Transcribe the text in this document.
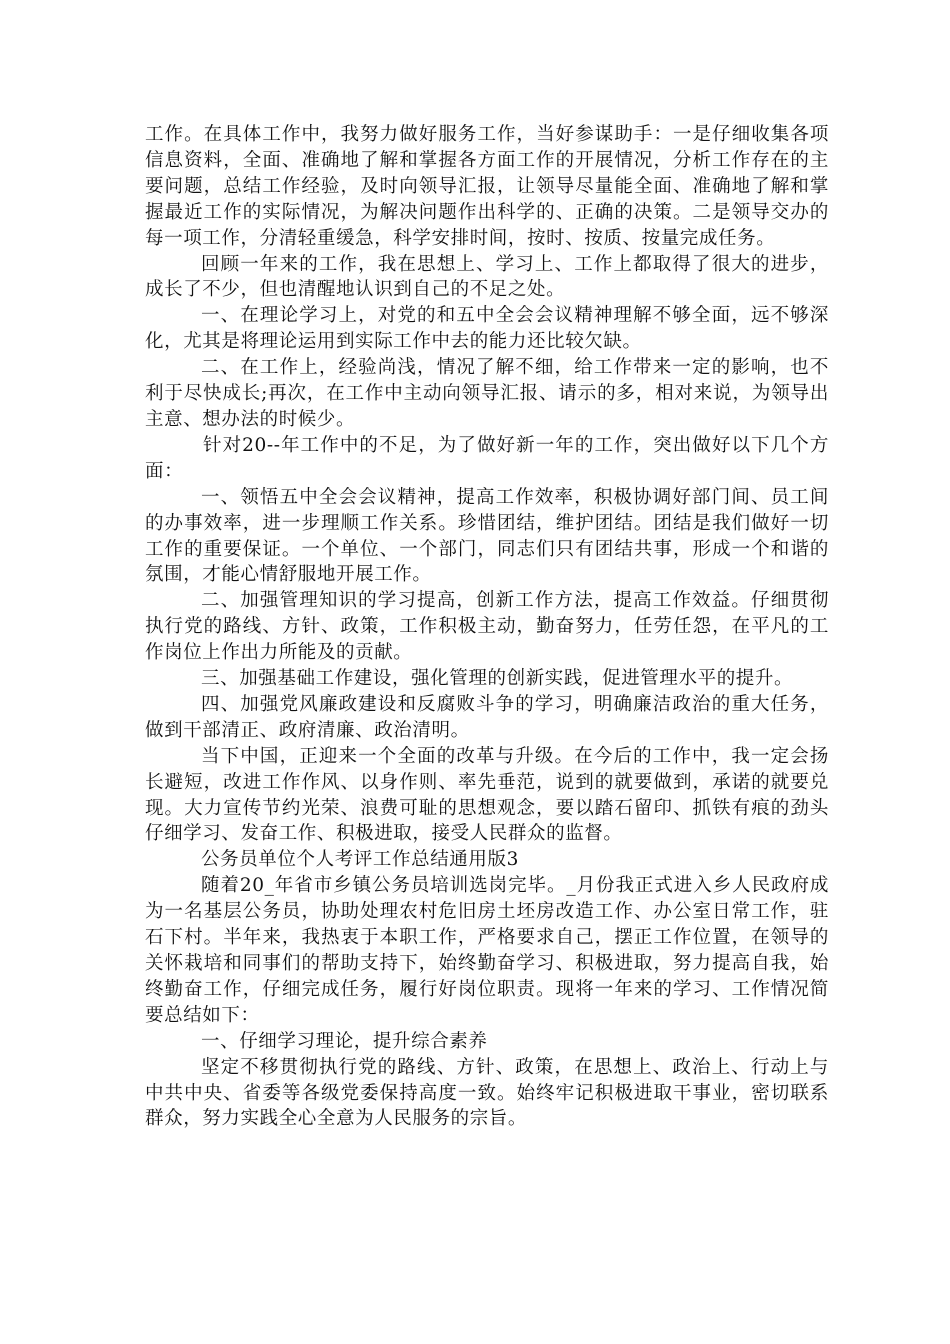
工作。在具体工作中，我努力做好服务工作，当好参谋助手：一是仔细收集各项信息资料，全面、准确地了解和掌握各方面工作的开展情况，分析工作存在的主要问题，总结工作经验，及时向领导汇报，让领导尽量能全面、准确地了解和掌握最近工作的实际情况，为解决问题作出科学的、正确的决策。二是领导交办的每一项工作，分清轻重缓急，科学安排时间，按时、按质、按量完成任务。

回顾一年来的工作，我在思想上、学习上、工作上都取得了很大的进步，成长了不少，但也清醒地认识到自己的不足之处。

一、在理论学习上，对党的和五中全会会议精神理解不够全面，远不够深化，尤其是将理论运用到实际工作中去的能力还比较欠缺。

二、在工作上，经验尚浅，情况了解不细，给工作带来一定的影响，也不利于尽快成长;再次，在工作中主动向领导汇报、请示的多，相对来说，为领导出主意、想办法的时候少。

针对20--年工作中的不足，为了做好新一年的工作，突出做好以下几个方面：

一、领悟五中全会会议精神，提高工作效率，积极协调好部门间、员工间的办事效率，进一步理顺工作关系。珍惜团结，维护团结。团结是我们做好一切工作的重要保证。一个单位、一个部门，同志们只有团结共事，形成一个和谐的氛围，才能心情舒服地开展工作。

二、加强管理知识的学习提高，创新工作方法，提高工作效益。仔细贯彻执行党的路线、方针、政策，工作积极主动，勤奋努力，任劳任怨，在平凡的工作岗位上作出力所能及的贡献。

三、加强基础工作建设，强化管理的创新实践，促进管理水平的提升。

四、加强党风廉政建设和反腐败斗争的学习，明确廉洁政治的重大任务，做到干部清正、政府清廉、政治清明。

当下中国，正迎来一个全面的改革与升级。在今后的工作中，我一定会扬长避短，改进工作作风、以身作则、率先垂范，说到的就要做到，承诺的就要兑现。大力宣传节约光荣、浪费可耻的思想观念，要以踏石留印、抓铁有痕的劲头仔细学习、发奋工作、积极进取，接受人民群众的监督。

公务员单位个人考评工作总结通用版3

随着20_年省市乡镇公务员培训选岗完毕。_月份我正式进入乡人民政府成为一名基层公务员，协助处理农村危旧房土坯房改造工作、办公室日常工作，驻石下村。半年来，我热衷于本职工作，严格要求自己，摆正工作位置，在领导的关怀栽培和同事们的帮助支持下，始终勤奋学习、积极进取，努力提高自我，始终勤奋工作，仔细完成任务，履行好岗位职责。现将一年来的学习、工作情况简要总结如下：

一、仔细学习理论，提升综合素养

坚定不移贯彻执行党的路线、方针、政策，在思想上、政治上、行动上与中共中央、省委等各级党委保持高度一致。始终牢记积极进取干事业，密切联系群众，努力实践全心全意为人民服务的宗旨。
